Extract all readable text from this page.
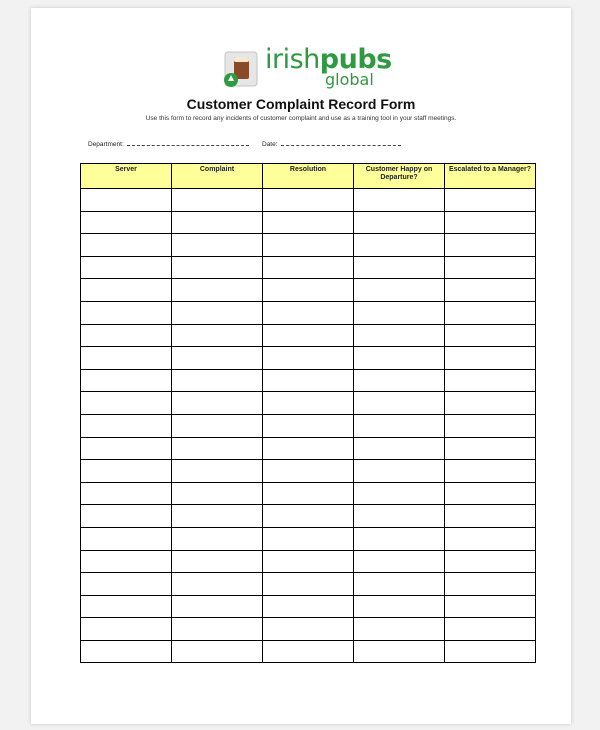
irishpubs
global
Customer Complaint Record Form
Use this form to record any incidents of customer complaint and use as a training tool in your staff meetings.
Department:	Date:
Server	Complaint	Resolution	Customer Happy on Departure?	Escalated to a Manager?
